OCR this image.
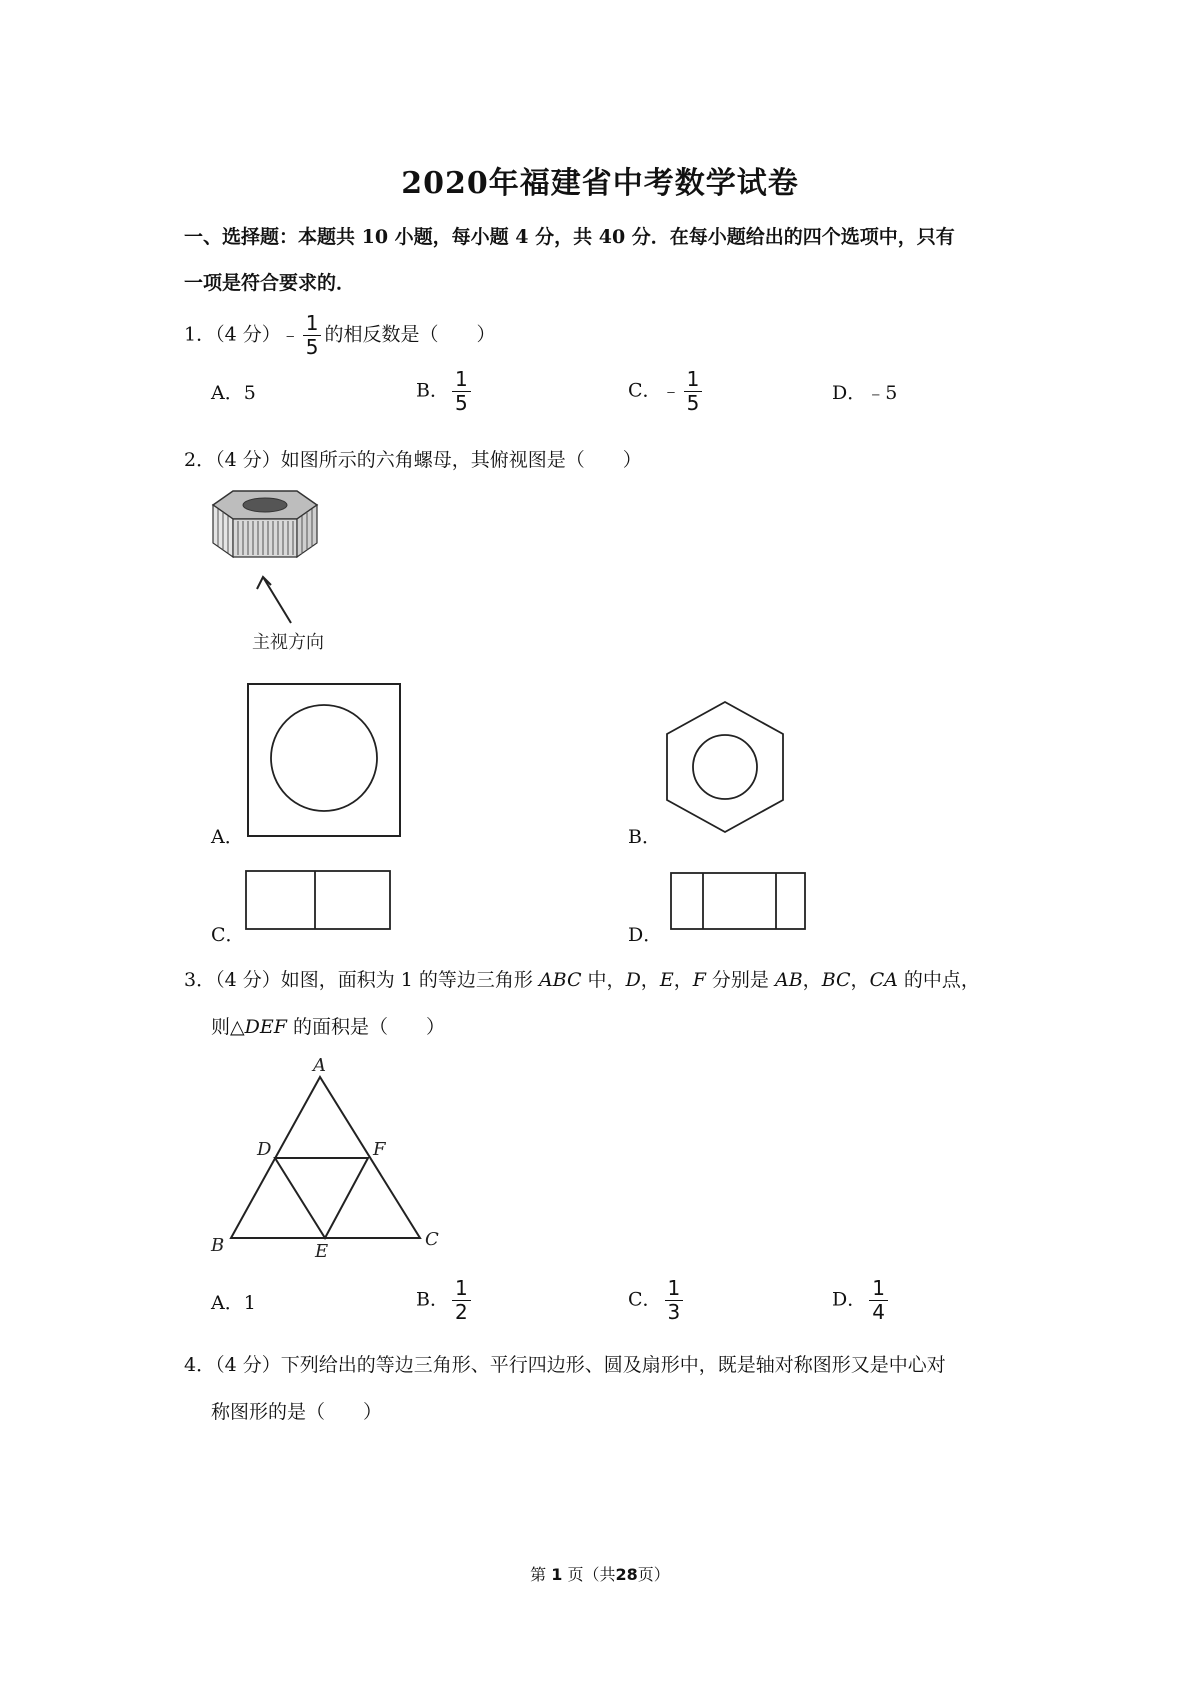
2020年福建省中考数学试卷
一、选择题：本题共 10 小题，每小题 4 分，共 40 分．在每小题给出的四个选项中，只有
一项是符合要求的．
1．（4 分）﹣ $\frac{1}{5}$ 的相反数是（　　）
A．5	B． $\frac{1}{5}$	C．﹣ $\frac{1}{5}$	D．﹣5
2．（4 分）如图所示的六角螺母，其俯视图是（　　）
主视方向
A．	B．
C．	D．
3．（4 分）如图，面积为 1 的等边三角形 ABC 中，D，E，F 分别是 AB，BC，CA 的中点，
则△DEF 的面积是（　　）
A
B	C
D
E
F
A．1	B． $\frac{1}{2}$	C． $\frac{1}{3}$	D． $\frac{1}{4}$
4．（4 分）下列给出的等边三角形、平行四边形、圆及扇形中，既是轴对称图形又是中心对
称图形的是（　　）
第 1 页（共28页）
